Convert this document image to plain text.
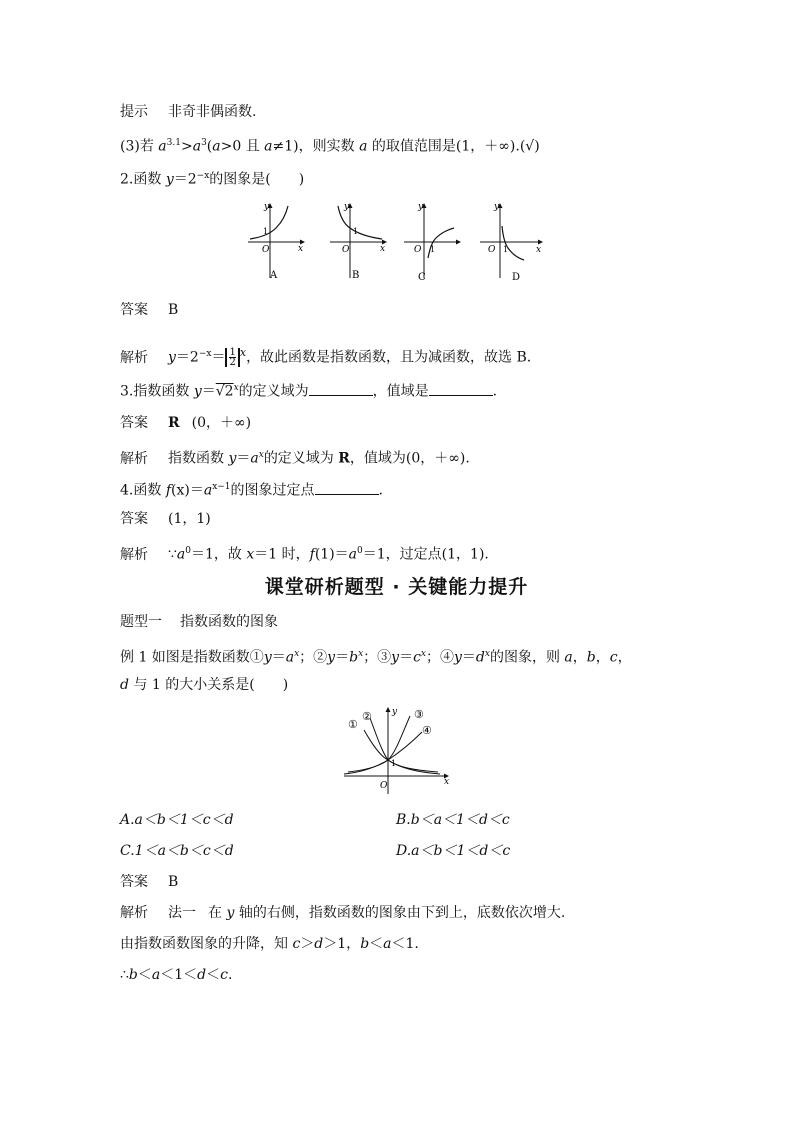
提示 非奇非偶函数.
(3)若 $a^{3.1}>a^3(a>0$ 且 a≠1)，则实数 a 的取值范围是(1，＋∞).(√)
2.函数 $y=2^{-x}$的图象是( )
y
x
O
1
A
y
x
O
1
B
y
O 1
C
y
x
O 1
D
答案 B
解析 $y=2^{-x}= \frac{1}{2} ^x$，故此函数是指数函数，且为减函数，故选 B.
3.指数函数 $y=√2^x$的定义域为	，值域是	.
答案 R (0，＋∞)
解析 指数函数 $y=a^x$的定义域为 R，值域为(0，＋∞).
4.函数 $f(x)=a^{x-1}$的图象过定点	.
答案 (1，1)
解析 $\because a^0=1$，故 x＝1 时，$f(1)=a^0=1$，过定点(1，1).
课堂研析题型 · 关键能力提升
题型一 指数函数的图象
例 1 如图是指数函数$①y=a^x$；$②y=b^x$；$③y=c^x$；$④y=d^x$的图象，则 a，b，c，
d 与 1 的大小关系是( )
①
②	③
④
y
x
O
1
A.a＜b＜1＜c＜d	B.b＜a＜1＜d＜c
C.1＜a＜b＜c＜d	D.a＜b＜1＜d＜c
答案 B
解析 法一 在 y 轴的右侧，指数函数的图象由下到上，底数依次增大.
由指数函数图象的升降，知 c＞d＞1，b＜a＜1.
∴b＜a＜1＜d＜c.
